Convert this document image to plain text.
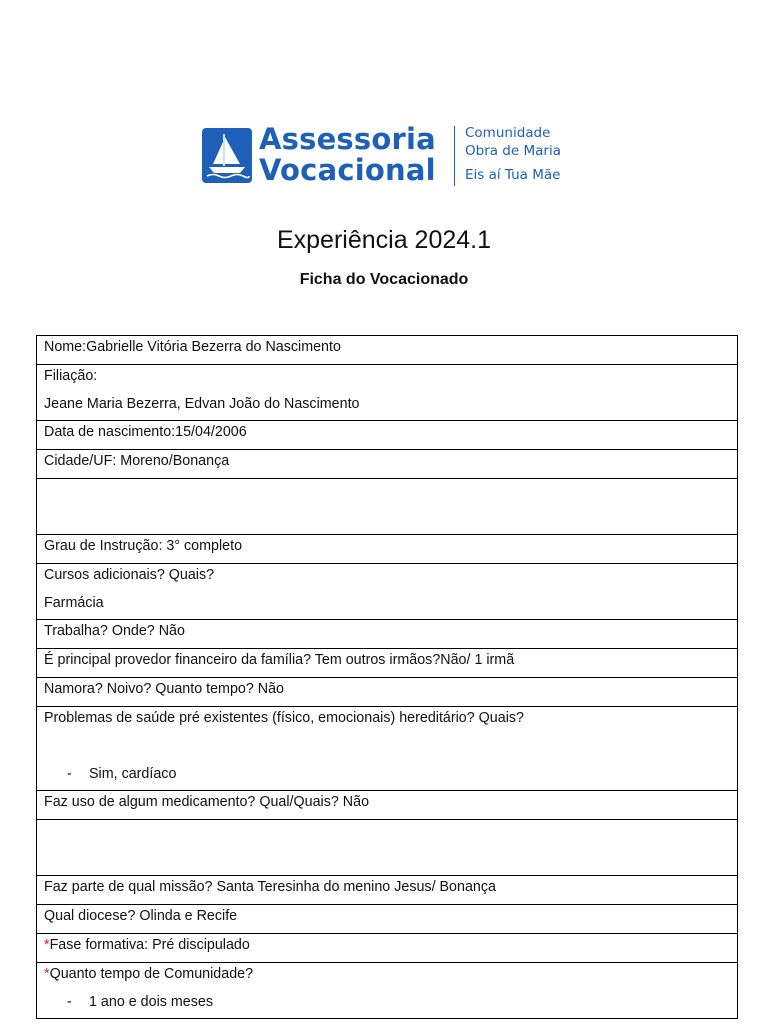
Assessoria
Vocacional
Comunidade
Obra de Maria
Eis aí Tua Mãe
Experiência 2024.1
Ficha do Vocacionado
Nome:Gabrielle Vitória Bezerra do Nascimento

Filiação:
Jeane Maria Bezerra, Edvan João do Nascimento

Data de nascimento:15/04/2006
Cidade/UF: Moreno/Bonança

Grau de Instrução: 3° completo

Cursos adicionais? Quais?
Farmácia

Trabalha? Onde? Não
É principal provedor financeiro da família? Tem outros irmãos?Não/ 1 irmã
Namora? Noivo? Quanto tempo? Não

Problemas de saúde pré existentes (físico, emocionais) hereditário? Quais?
- Sim, cardíaco

Faz uso de algum medicamento? Qual/Quais? Não

Faz parte de qual missão? Santa Teresinha do menino Jesus/ Bonança
Qual diocese? Olinda e Recife
*Fase formativa: Pré discipulado

*Quanto tempo de Comunidade?
- 1 ano e dois meses
